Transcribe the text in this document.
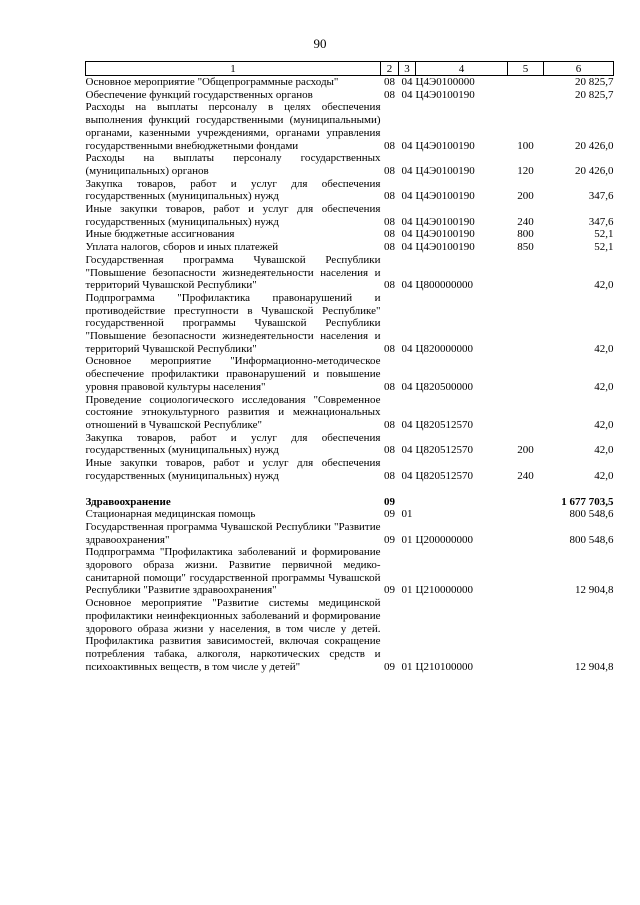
90
1	2	3	4	5	6
Основное мероприятие "Общепрограммные расходы"	08	04	Ц4Э0100000		20 825,7
Обеспечение функций государственных органов	08	04	Ц4Э0100190		20 825,7
Расходы на выплаты персоналу в целях обеспечения выполнения функций государственными (муниципальными) органами, казенными учреждениями, органами управления государственными внебюджетными фондами	08	04	Ц4Э0100190	100	20 426,0
Расходы на выплаты персоналу государственных (муниципальных) органов	08	04	Ц4Э0100190	120	20 426,0
Закупка товаров, работ и услуг для обеспечения государственных (муниципальных) нужд	08	04	Ц4Э0100190	200	347,6
Иные закупки товаров, работ и услуг для обеспечения государственных (муниципальных) нужд	08	04	Ц4Э0100190	240	347,6
Иные бюджетные ассигнования	08	04	Ц4Э0100190	800	52,1
Уплата налогов, сборов и иных платежей	08	04	Ц4Э0100190	850	52,1
Государственная программа Чувашской Республики "Повышение безопасности жизнедеятельности населения и территорий Чувашской Республики"	08	04	Ц800000000		42,0
Подпрограмма "Профилактика правонарушений и противодействие преступности в Чувашской Республике" государственной программы Чувашской Республики "Повышение безопасности жизнедеятельности населения и территорий Чувашской Республики"	08	04	Ц820000000		42,0
Основное мероприятие "Информационно-методическое обеспечение профилактики правонарушений и повышение уровня правовой культуры населения"	08	04	Ц820500000		42,0
Проведение социологического исследования "Современное состояние этнокультурного развития и межнациональных отношений в Чувашской Республике"	08	04	Ц820512570		42,0
Закупка товаров, работ и услуг для обеспечения государственных (муниципальных) нужд	08	04	Ц820512570	200	42,0
Иные закупки товаров, работ и услуг для обеспечения государственных (муниципальных) нужд	08	04	Ц820512570	240	42,0

Здравоохранение	09				1 677 703,5
Стационарная медицинская помощь	09	01			800 548,6
Государственная программа Чувашской Республики "Развитие здравоохранения"	09	01	Ц200000000		800 548,6
Подпрограмма "Профилактика заболеваний и формирование здорового образа жизни. Развитие первичной медико-санитарной помощи" государственной программы Чувашской Республики "Развитие здравоохранения"	09	01	Ц210000000		12 904,8
Основное мероприятие "Развитие системы медицинской профилактики неинфекционных заболеваний и формирование здорового образа жизни у населения, в том числе у детей. Профилактика развития зависимостей, включая сокращение потребления табака, алкоголя, наркотических средств и психоактивных веществ, в том числе у детей"	09	01	Ц210100000		12 904,8
